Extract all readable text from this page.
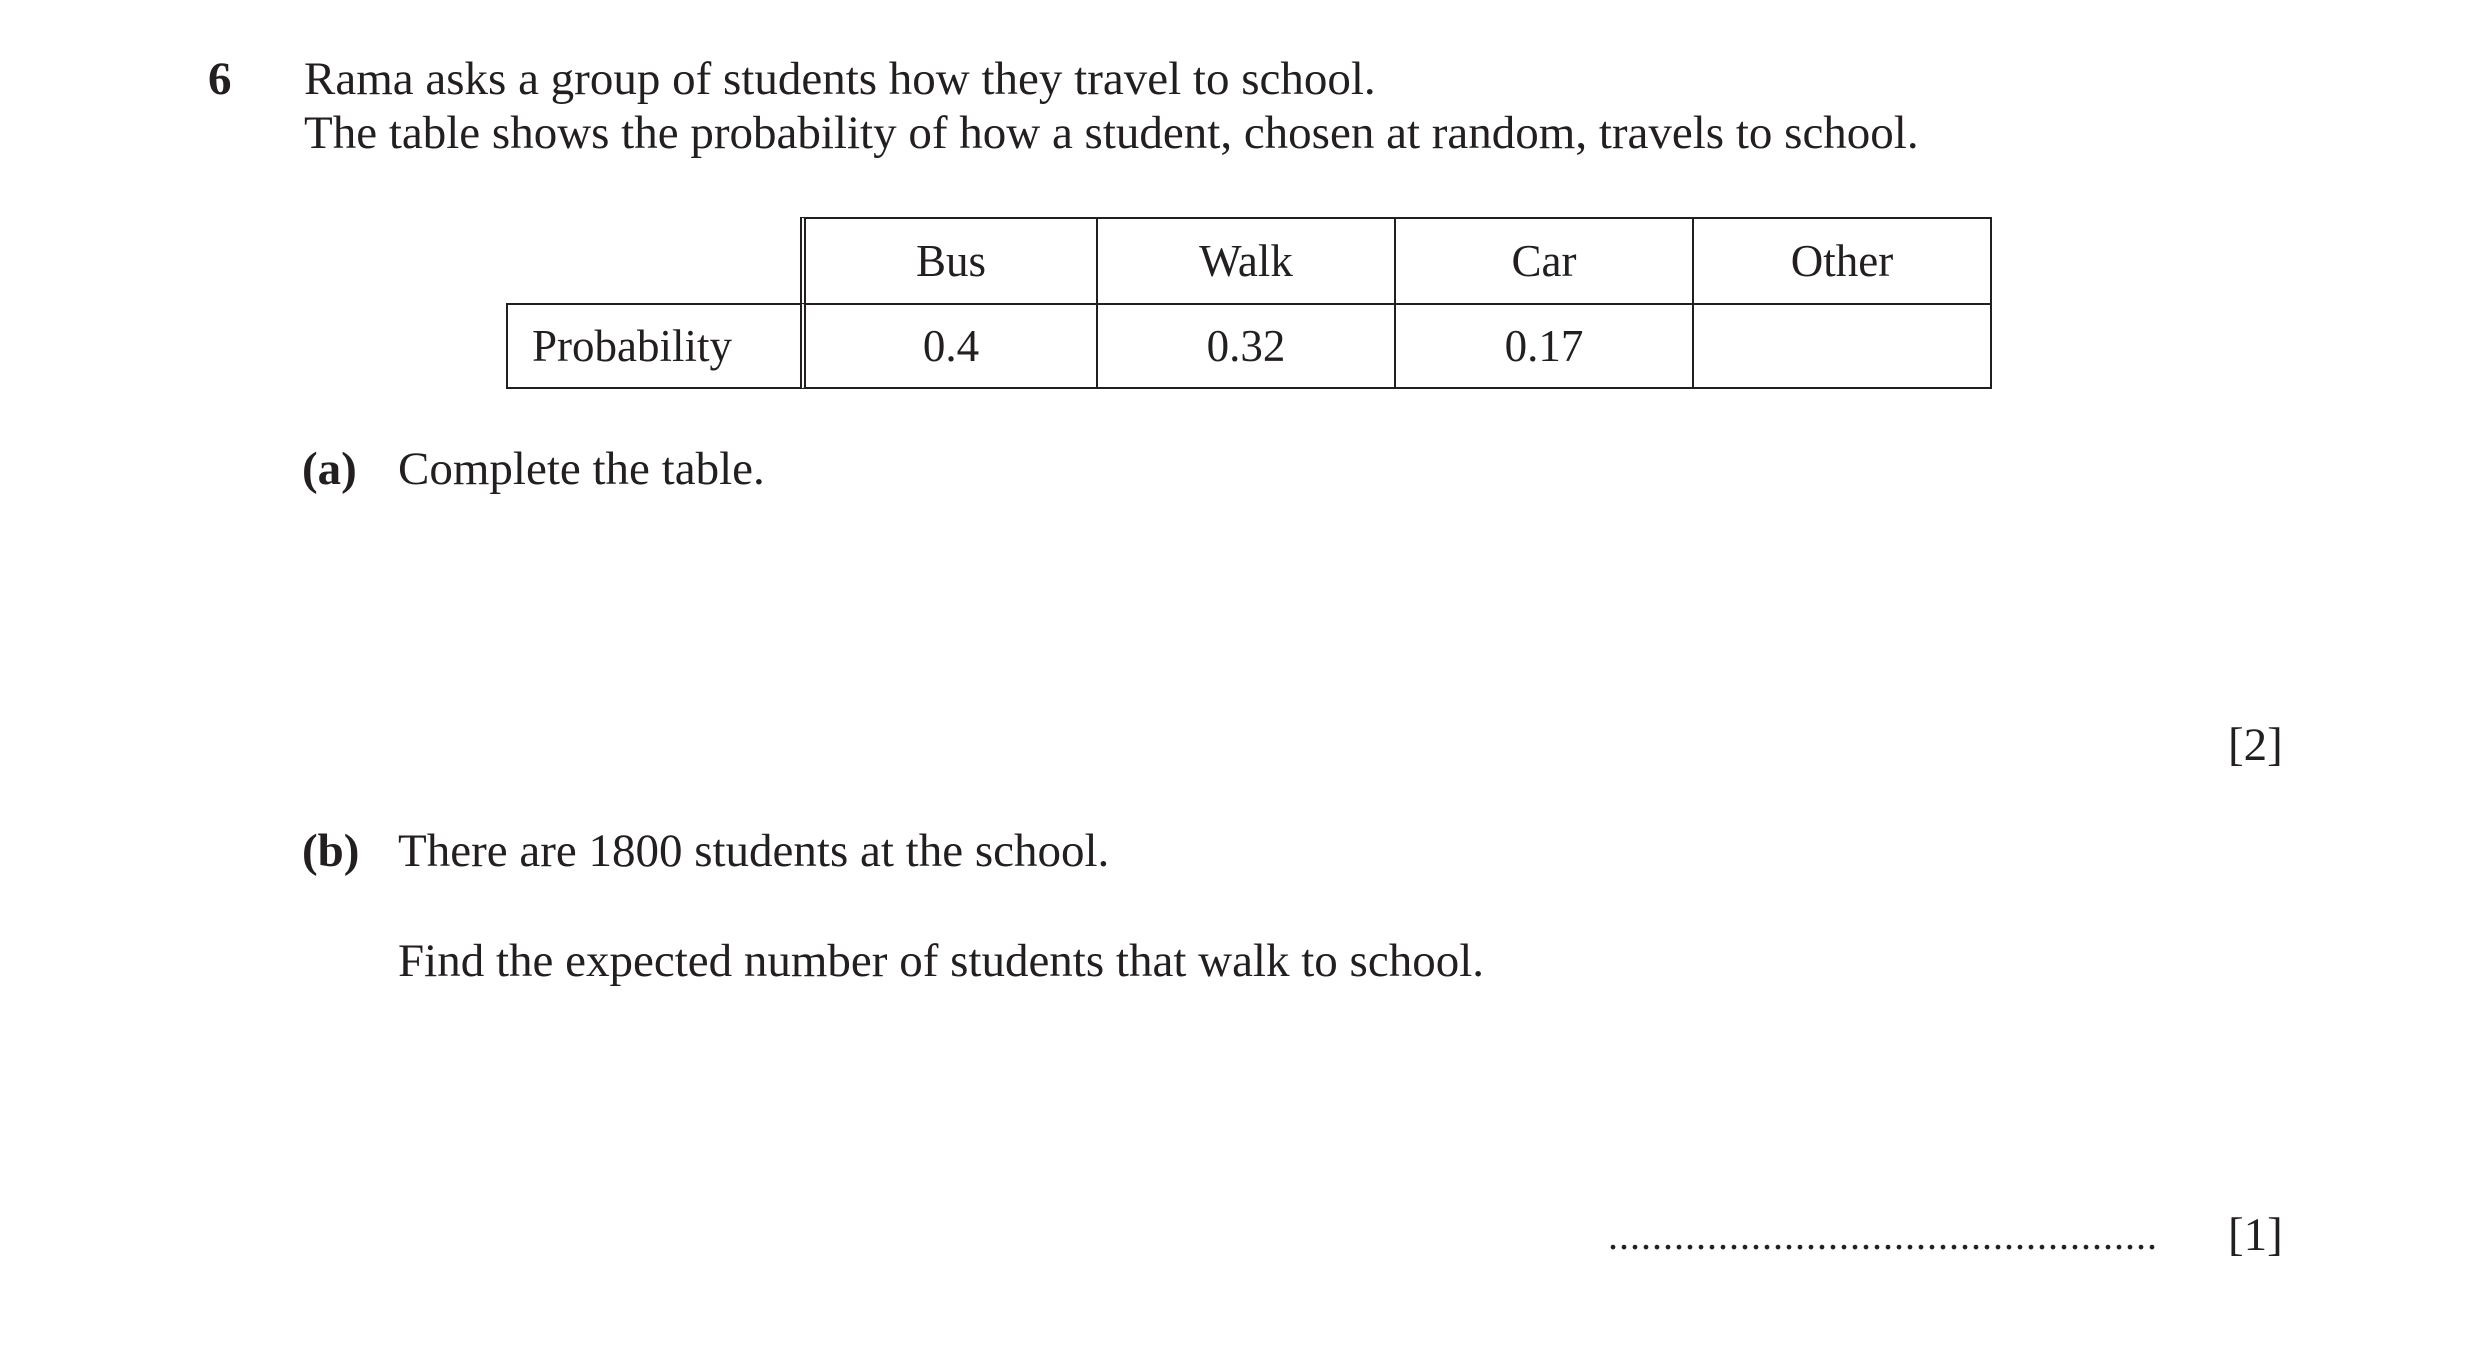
6 Rama asks a group of students how they travel to school.
The table shows the probability of how a student, chosen at random, travels to school.
	Bus	Walk	Car	Other
Probability	0.4	0.32	0.17	
(a) Complete the table.
[2]
(b) There are 1800 students at the school.
Find the expected number of students that walk to school.
.................................................. [1]
